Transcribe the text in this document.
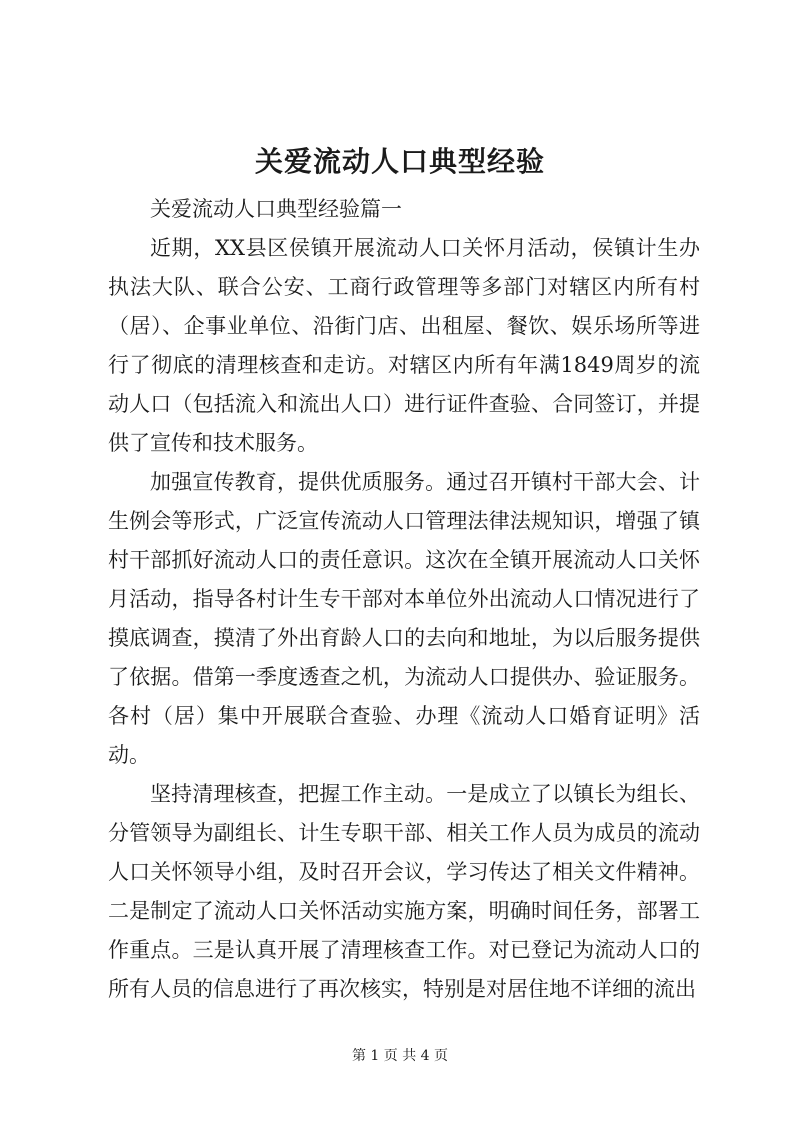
关爱流动人口典型经验

关爱流动人口典型经验篇一

近期，XX县区侯镇开展流动人口关怀月活动，侯镇计生办执法大队、联合公安、工商行政管理等多部门对辖区内所有村（居）、企事业单位、沿街门店、出租屋、餐饮、娱乐场所等进行了彻底的清理核查和走访。对辖区内所有年满1849周岁的流动人口（包括流入和流出人口）进行证件查验、合同签订，并提供了宣传和技术服务。

加强宣传教育，提供优质服务。通过召开镇村干部大会、计生例会等形式，广泛宣传流动人口管理法律法规知识，增强了镇村干部抓好流动人口的责任意识。这次在全镇开展流动人口关怀月活动，指导各村计生专干部对本单位外出流动人口情况进行了摸底调查，摸清了外出育龄人口的去向和地址，为以后服务提供了依据。借第一季度透查之机，为流动人口提供办、验证服务。各村（居）集中开展联合查验、办理《流动人口婚育证明》活动。

坚持清理核查，把握工作主动。一是成立了以镇长为组长、分管领导为副组长、计生专职干部、相关工作人员为成员的流动人口关怀领导小组，及时召开会议，学习传达了相关文件精神。二是制定了流动人口关怀活动实施方案，明确时间任务，部署工作重点。三是认真开展了清理核查工作。对已登记为流动人口的所有人员的信息进行了再次核实，特别是对居住地不详细的流出

第 1 页 共 4 页
